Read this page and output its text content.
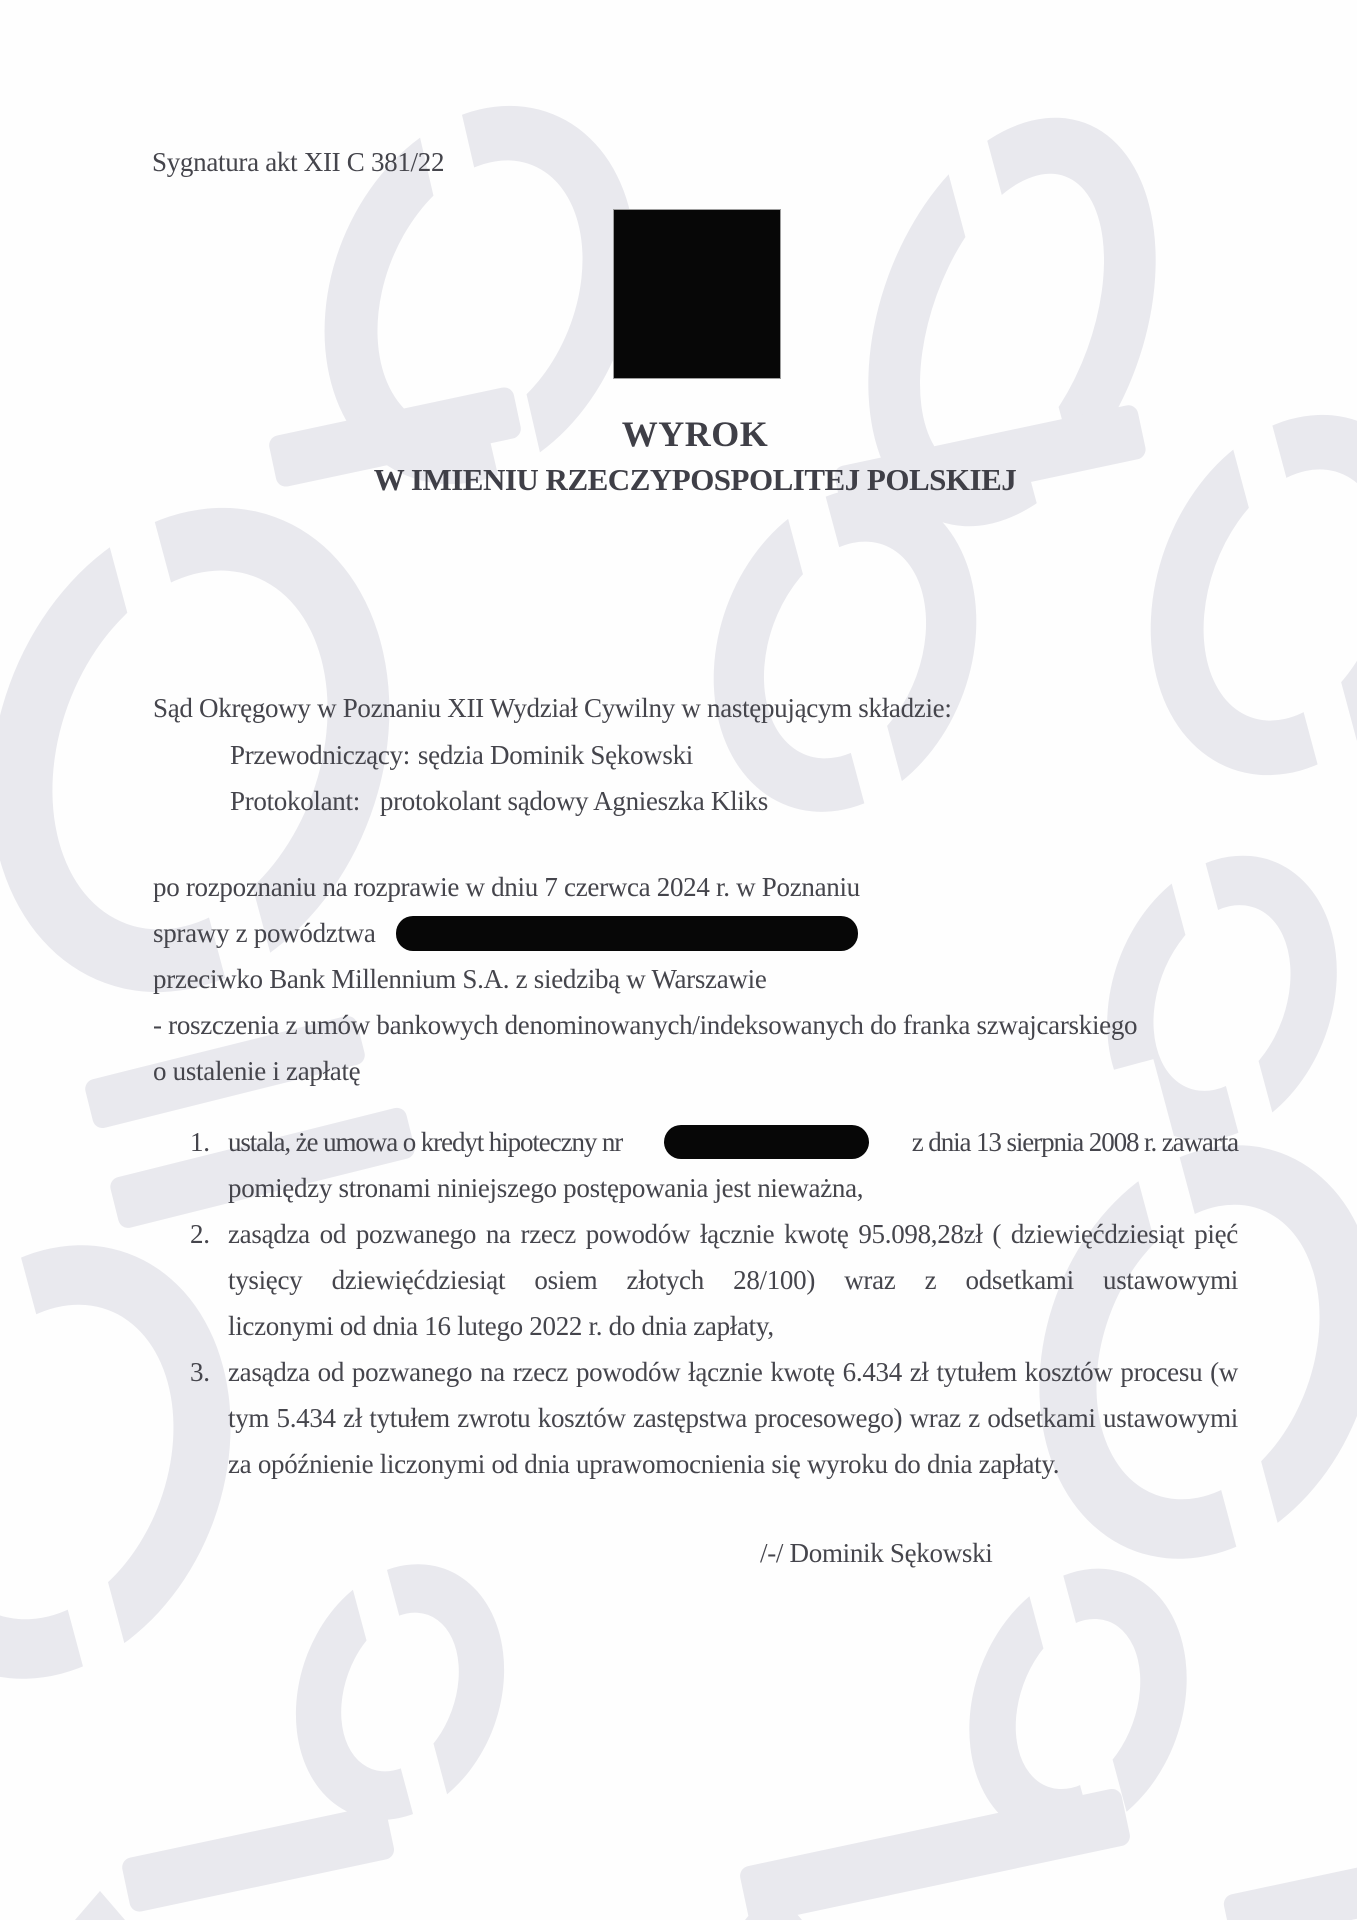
Sygnatura akt XII C 381/22
WYROK
W IMIENIU RZECZYPOSPOLITEJ POLSKIEJ
Sąd Okręgowy w Poznaniu XII Wydział Cywilny w następującym składzie:
Przewodniczący: sędzia Dominik Sękowski
Protokolant: protokolant sądowy Agnieszka Kliks
po rozpoznaniu na rozprawie w dniu 7 czerwca 2024 r. w Poznaniu
sprawy z powództwa
przeciwko Bank Millennium S.A. z siedzibą w Warszawie
- roszczenia z umów bankowych denominowanych/indeksowanych do franka szwajcarskiego
o ustalenie i zapłatę
1. ustala, że umowa o kredyt hipoteczny nr	z dnia 13 sierpnia 2008 r. zawarta
pomiędzy stronami niniejszego postępowania jest nieważna,
2. zasądza od pozwanego na rzecz powodów łącznie kwotę 95.098,28zł ( dziewięćdziesiąt pięć
tysięcy dziewięćdziesiąt osiem złotych 28/100) wraz z odsetkami ustawowymi
liczonymi od dnia 16 lutego 2022 r. do dnia zapłaty,
3. zasądza od pozwanego na rzecz powodów łącznie kwotę 6.434 zł tytułem kosztów procesu (w
tym 5.434 zł tytułem zwrotu kosztów zastępstwa procesowego) wraz z odsetkami ustawowymi
za opóźnienie liczonymi od dnia uprawomocnienia się wyroku do dnia zapłaty.
/-/ Dominik Sękowski
